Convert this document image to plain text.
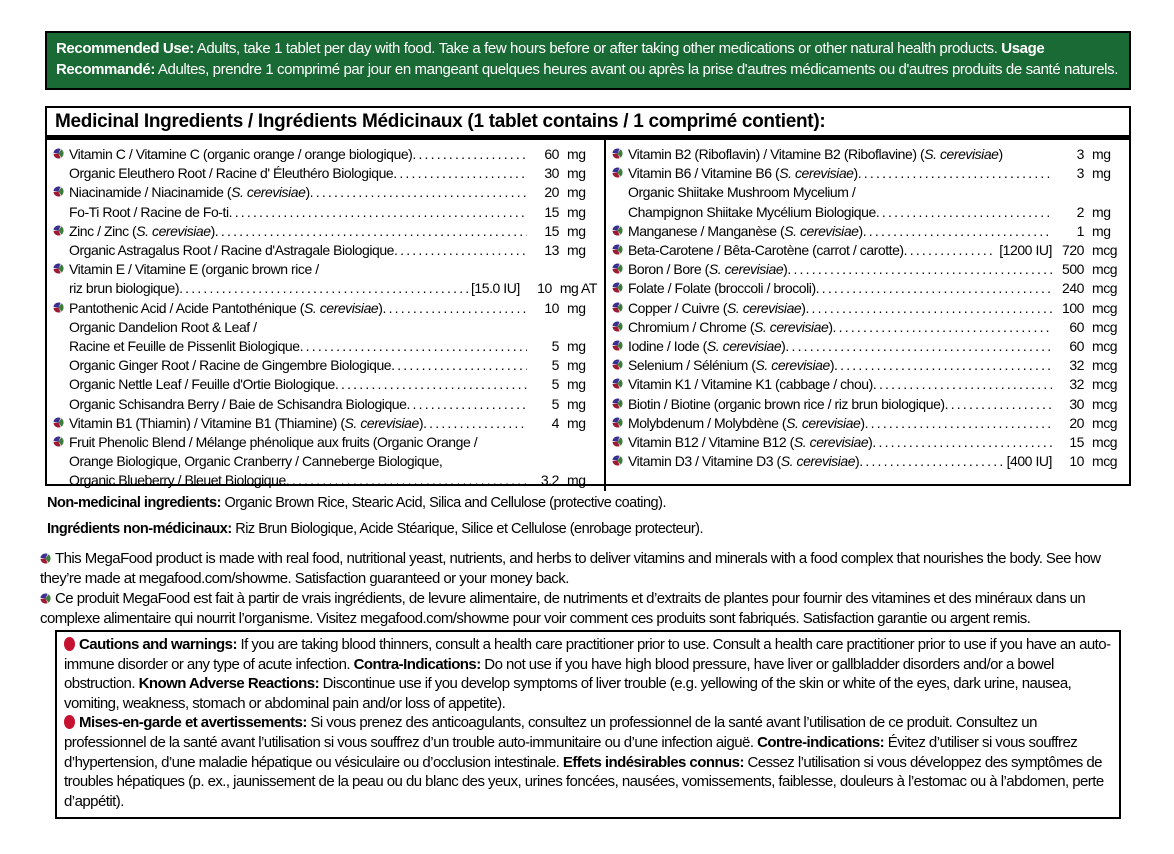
Recommended Use: Adults, take 1 tablet per day with food. Take a few hours before or after taking other medications or other natural health products. Usage Recommandé: Adultes, prendre 1 comprimé par jour en mangeant quelques heures avant ou après la prise d'autres médicaments ou d'autres produits de santé naturels.
Medicinal Ingredients / Ingrédients Médicinaux (1 tablet contains / 1 comprimé contient):
Vitamin C / Vitamine C (organic orange / orange biologique) .....	60 mg
Organic Eleuthero Root / Racine d' Éleuthéro Biologique .....	30 mg
Niacinamide / Niacinamide (S. cerevisiae) .....	20 mg
Fo-Ti Root / Racine de Fo-ti .....	15 mg
Zinc / Zinc (S. cerevisiae) .....	15 mg
Organic Astragalus Root / Racine d'Astragale Biologique .....	13 mg
Vitamin E / Vitamine E (organic brown rice /
riz brun biologique) .....	[15.0 IU]	10 mg AT
Pantothenic Acid / Acide Pantothénique (S. cerevisiae) .....	10 mg
Organic Dandelion Root & Leaf /
Racine et Feuille de Pissenlit Biologique .....	5 mg
Organic Ginger Root / Racine de Gingembre Biologique .....	5 mg
Organic Nettle Leaf / Feuille d'Ortie Biologique .....	5 mg
Organic Schisandra Berry / Baie de Schisandra Biologique .....	5 mg
Vitamin B1 (Thiamin) / Vitamine B1 (Thiamine) (S. cerevisiae) .....	4 mg
Fruit Phenolic Blend / Mélange phénolique aux fruits (Organic Orange /
Orange Biologique, Organic Cranberry / Canneberge Biologique,
Organic Blueberry / Bleuet Biologique .....	3.2 mg
Vitamin B2 (Riboflavin) / Vitamine B2 (Riboflavine) (S. cerevisiae)	3 mg
Vitamin B6 / Vitamine B6 (S. cerevisiae) .....	3 mg
Organic Shiitake Mushroom Mycelium /
Champignon Shiitake Mycélium Biologique .....	2 mg
Manganese / Manganèse (S. cerevisiae) .....	1 mg
Beta-Carotene / Bêta-Carotène (carrot / carotte) .....	[1200 IU] 720 mcg
Boron / Bore (S. cerevisiae) .....	500 mcg
Folate / Folate (broccoli / brocoli) .....	240 mcg
Copper / Cuivre (S. cerevisiae) .....	100 mcg
Chromium / Chrome (S. cerevisiae) .....	60 mcg
Iodine / Iode (S. cerevisiae) .....	60 mcg
Selenium / Sélénium (S. cerevisiae) .....	32 mcg
Vitamin K1 / Vitamine K1 (cabbage / chou) .....	32 mcg
Biotin / Biotine (organic brown rice / riz brun biologique) .....	30 mcg
Molybdenum / Molybdène (S. cerevisiae) .....	20 mcg
Vitamin B12 / Vitamine B12 (S. cerevisiae) .....	15 mcg
Vitamin D3 / Vitamine D3 (S. cerevisiae) .....	[400 IU]	10 mcg

Non-medicinal ingredients: Organic Brown Rice, Stearic Acid, Silica and Cellulose (protective coating).

Ingrédients non-médicinaux: Riz Brun Biologique, Acide Stéarique, Silice et Cellulose (enrobage protecteur).

This MegaFood product is made with real food, nutritional yeast, nutrients, and herbs to deliver vitamins and minerals with a food complex that nourishes the body. See how they’re made at megafood.com/showme. Satisfaction guaranteed or your money back.

Ce produit MegaFood est fait à partir de vrais ingrédients, de levure alimentaire, de nutriments et d’extraits de plantes pour fournir des vitamines et des minéraux dans un complexe alimentaire qui nourrit l’organisme. Visitez megafood.com/showme pour voir comment ces produits sont fabriqués. Satisfaction garantie ou argent remis.

Cautions and warnings: If you are taking blood thinners, consult a health care practitioner prior to use. Consult a health care practitioner prior to use if you have an auto-immune disorder or any type of acute infection. Contra-Indications: Do not use if you have high blood pressure, have liver or gallbladder disorders and/or a bowel obstruction. Known Adverse Reactions: Discontinue use if you develop symptoms of liver trouble (e.g. yellowing of the skin or white of the eyes, dark urine, nausea, vomiting, weakness, stomach or abdominal pain and/or loss of appetite).

Mises-en-garde et avertissements: Si vous prenez des anticoagulants, consultez un professionnel de la santé avant l’utilisation de ce produit. Consultez un professionnel de la santé avant l’utilisation si vous souffrez d’un trouble auto-immunitaire ou d’une infection aiguë. Contre-indications: Évitez d’utiliser si vous souffrez d’hypertension, d’une maladie hépatique ou vésiculaire ou d’occlusion intestinale. Effets indésirables connus: Cessez l’utilisation si vous développez des symptômes de troubles hépatiques (p. ex., jaunissement de la peau ou du blanc des yeux, urines foncées, nausées, vomissements, faiblesse, douleurs à l’estomac ou à l’abdomen, perte d’appétit).
